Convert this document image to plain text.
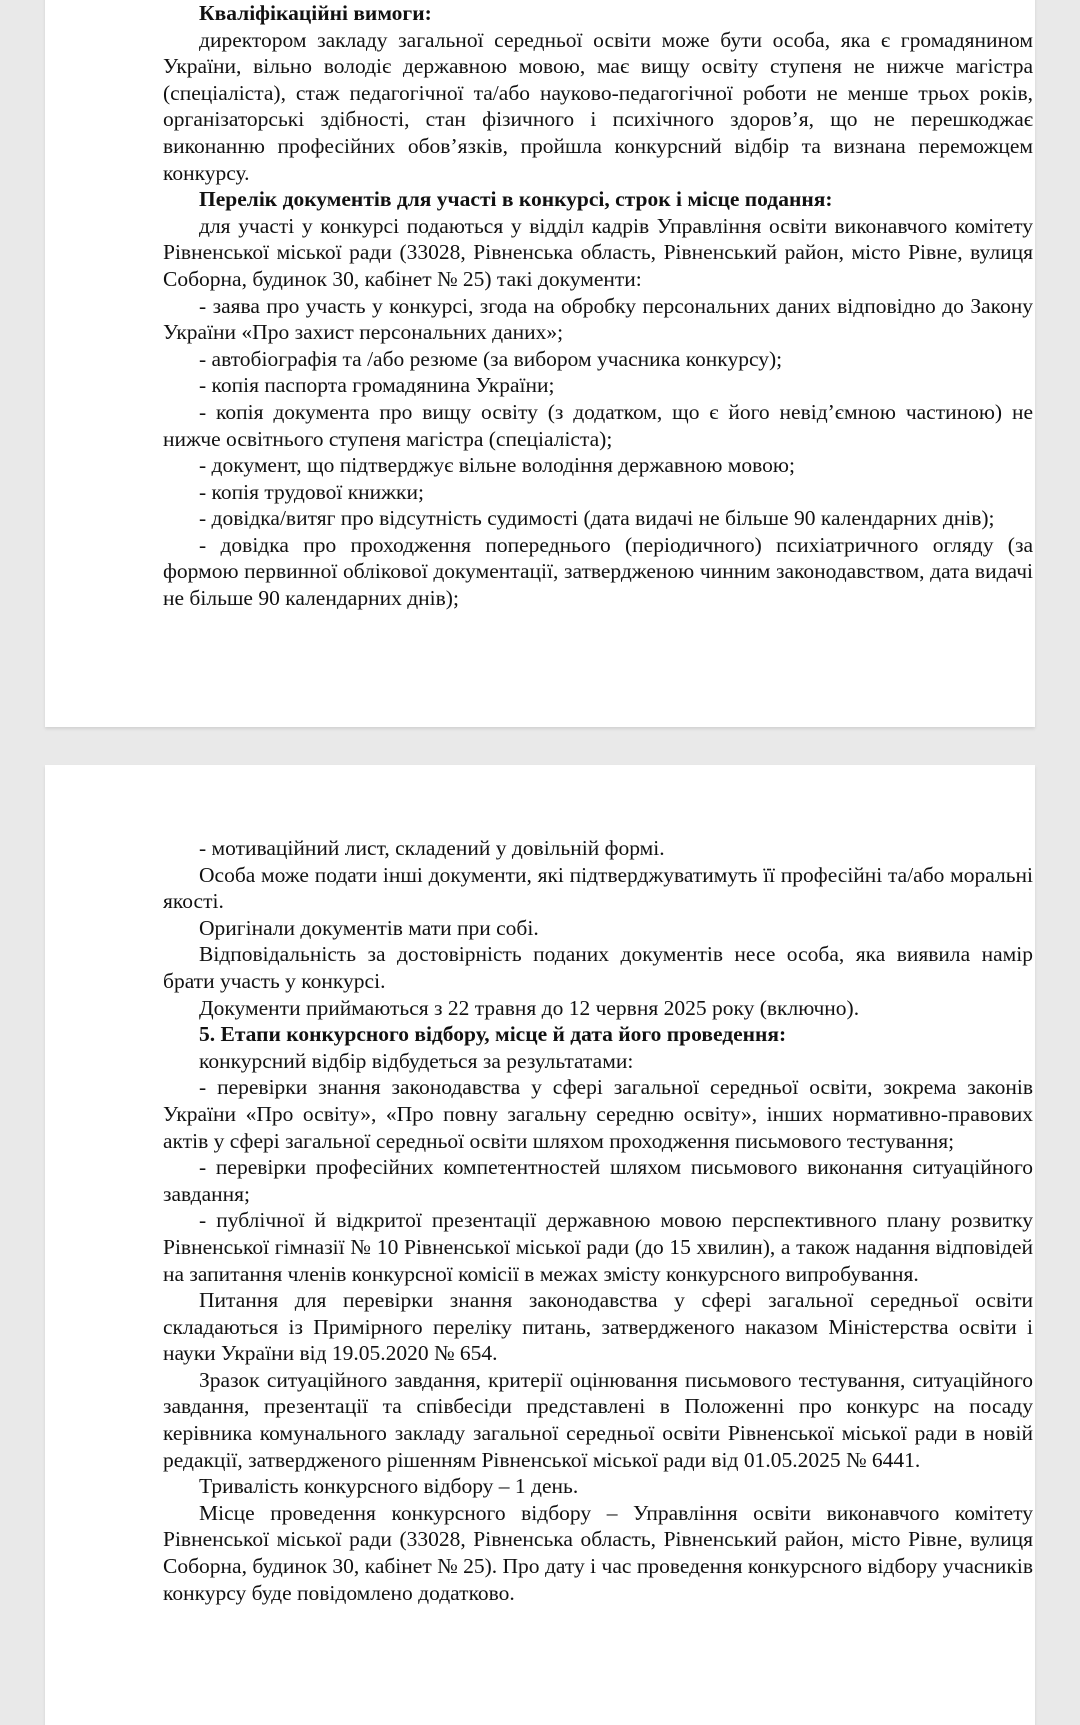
Кваліфікаційні вимоги:

директором закладу загальної середньої освіти може бути особа, яка є громадянином України, вільно володіє державною мовою, має вищу освіту ступеня не нижче магістра (спеціаліста), стаж педагогічної та/або науково-педагогічної роботи не менше трьох років, організаторські здібності, стан фізичного і психічного здоров’я, що не перешкоджає виконанню професійних обов’язків, пройшла конкурсний відбір та визнана переможцем конкурсу.

Перелік документів для участі в конкурсі, строк і місце подання:

для участі у конкурсі подаються у відділ кадрів Управління освіти виконавчого комітету Рівненської міської ради (33028, Рівненська область, Рівненський район, місто Рівне, вулиця Соборна, будинок 30, кабінет № 25) такі документи:

- заява про участь у конкурсі, згода на обробку персональних даних відповідно до Закону України «Про захист персональних даних»;

- автобіографія та /або резюме (за вибором учасника конкурсу);

- копія паспорта громадянина України;

- копія документа про вищу освіту (з додатком, що є його невід’ємною частиною) не нижче освітнього ступеня магістра (спеціаліста);

- документ, що підтверджує вільне володіння державною мовою;

- копія трудової книжки;

- довідка/витяг про відсутність судимості (дата видачі не більше 90 календарних днів);

- довідка про проходження попереднього (періодичного) психіатричного огляду (за формою первинної облікової документації, затвердженою чинним законодавством, дата видачі не більше 90 календарних днів);

- мотиваційний лист, складений у довільній формі.

Особа може подати інші документи, які підтверджуватимуть її професійні та/або моральні якості.

Оригінали документів мати при собі.

Відповідальність за достовірність поданих документів несе особа, яка виявила намір брати участь у конкурсі.

Документи приймаються з 22 травня до 12 червня 2025 року (включно).

5. Етапи конкурсного відбору, місце й дата його проведення:

конкурсний відбір відбудеться за результатами:

- перевірки знання законодавства у сфері загальної середньої освіти, зокрема законів України «Про освіту», «Про повну загальну середню освіту», інших нормативно-правових актів у сфері загальної середньої освіти шляхом проходження письмового тестування;

- перевірки професійних компетентностей шляхом письмового виконання ситуаційного завдання;

- публічної й відкритої презентації державною мовою перспективного плану розвитку Рівненської гімназії № 10 Рівненської міської ради (до 15 хвилин), а також надання відповідей на запитання членів конкурсної комісії в межах змісту конкурсного випробування.

Питання для перевірки знання законодавства у сфері загальної середньої освіти складаються із Примірного переліку питань, затвердженого наказом Міністерства освіти і науки України від 19.05.2020 № 654.

Зразок ситуаційного завдання, критерії оцінювання письмового тестування, ситуаційного завдання, презентації та співбесіди представлені в Положенні про конкурс на посаду керівника комунального закладу загальної середньої освіти Рівненської міської ради в новій редакції, затвердженого рішенням Рівненської міської ради від 01.05.2025 № 6441.

Тривалість конкурсного відбору – 1 день.

Місце проведення конкурсного відбору – Управління освіти виконавчого комітету Рівненської міської ради (33028, Рівненська область, Рівненський район, місто Рівне, вулиця Соборна, будинок 30, кабінет № 25). Про дату і час проведення конкурсного відбору учасників конкурсу буде повідомлено додатково.
